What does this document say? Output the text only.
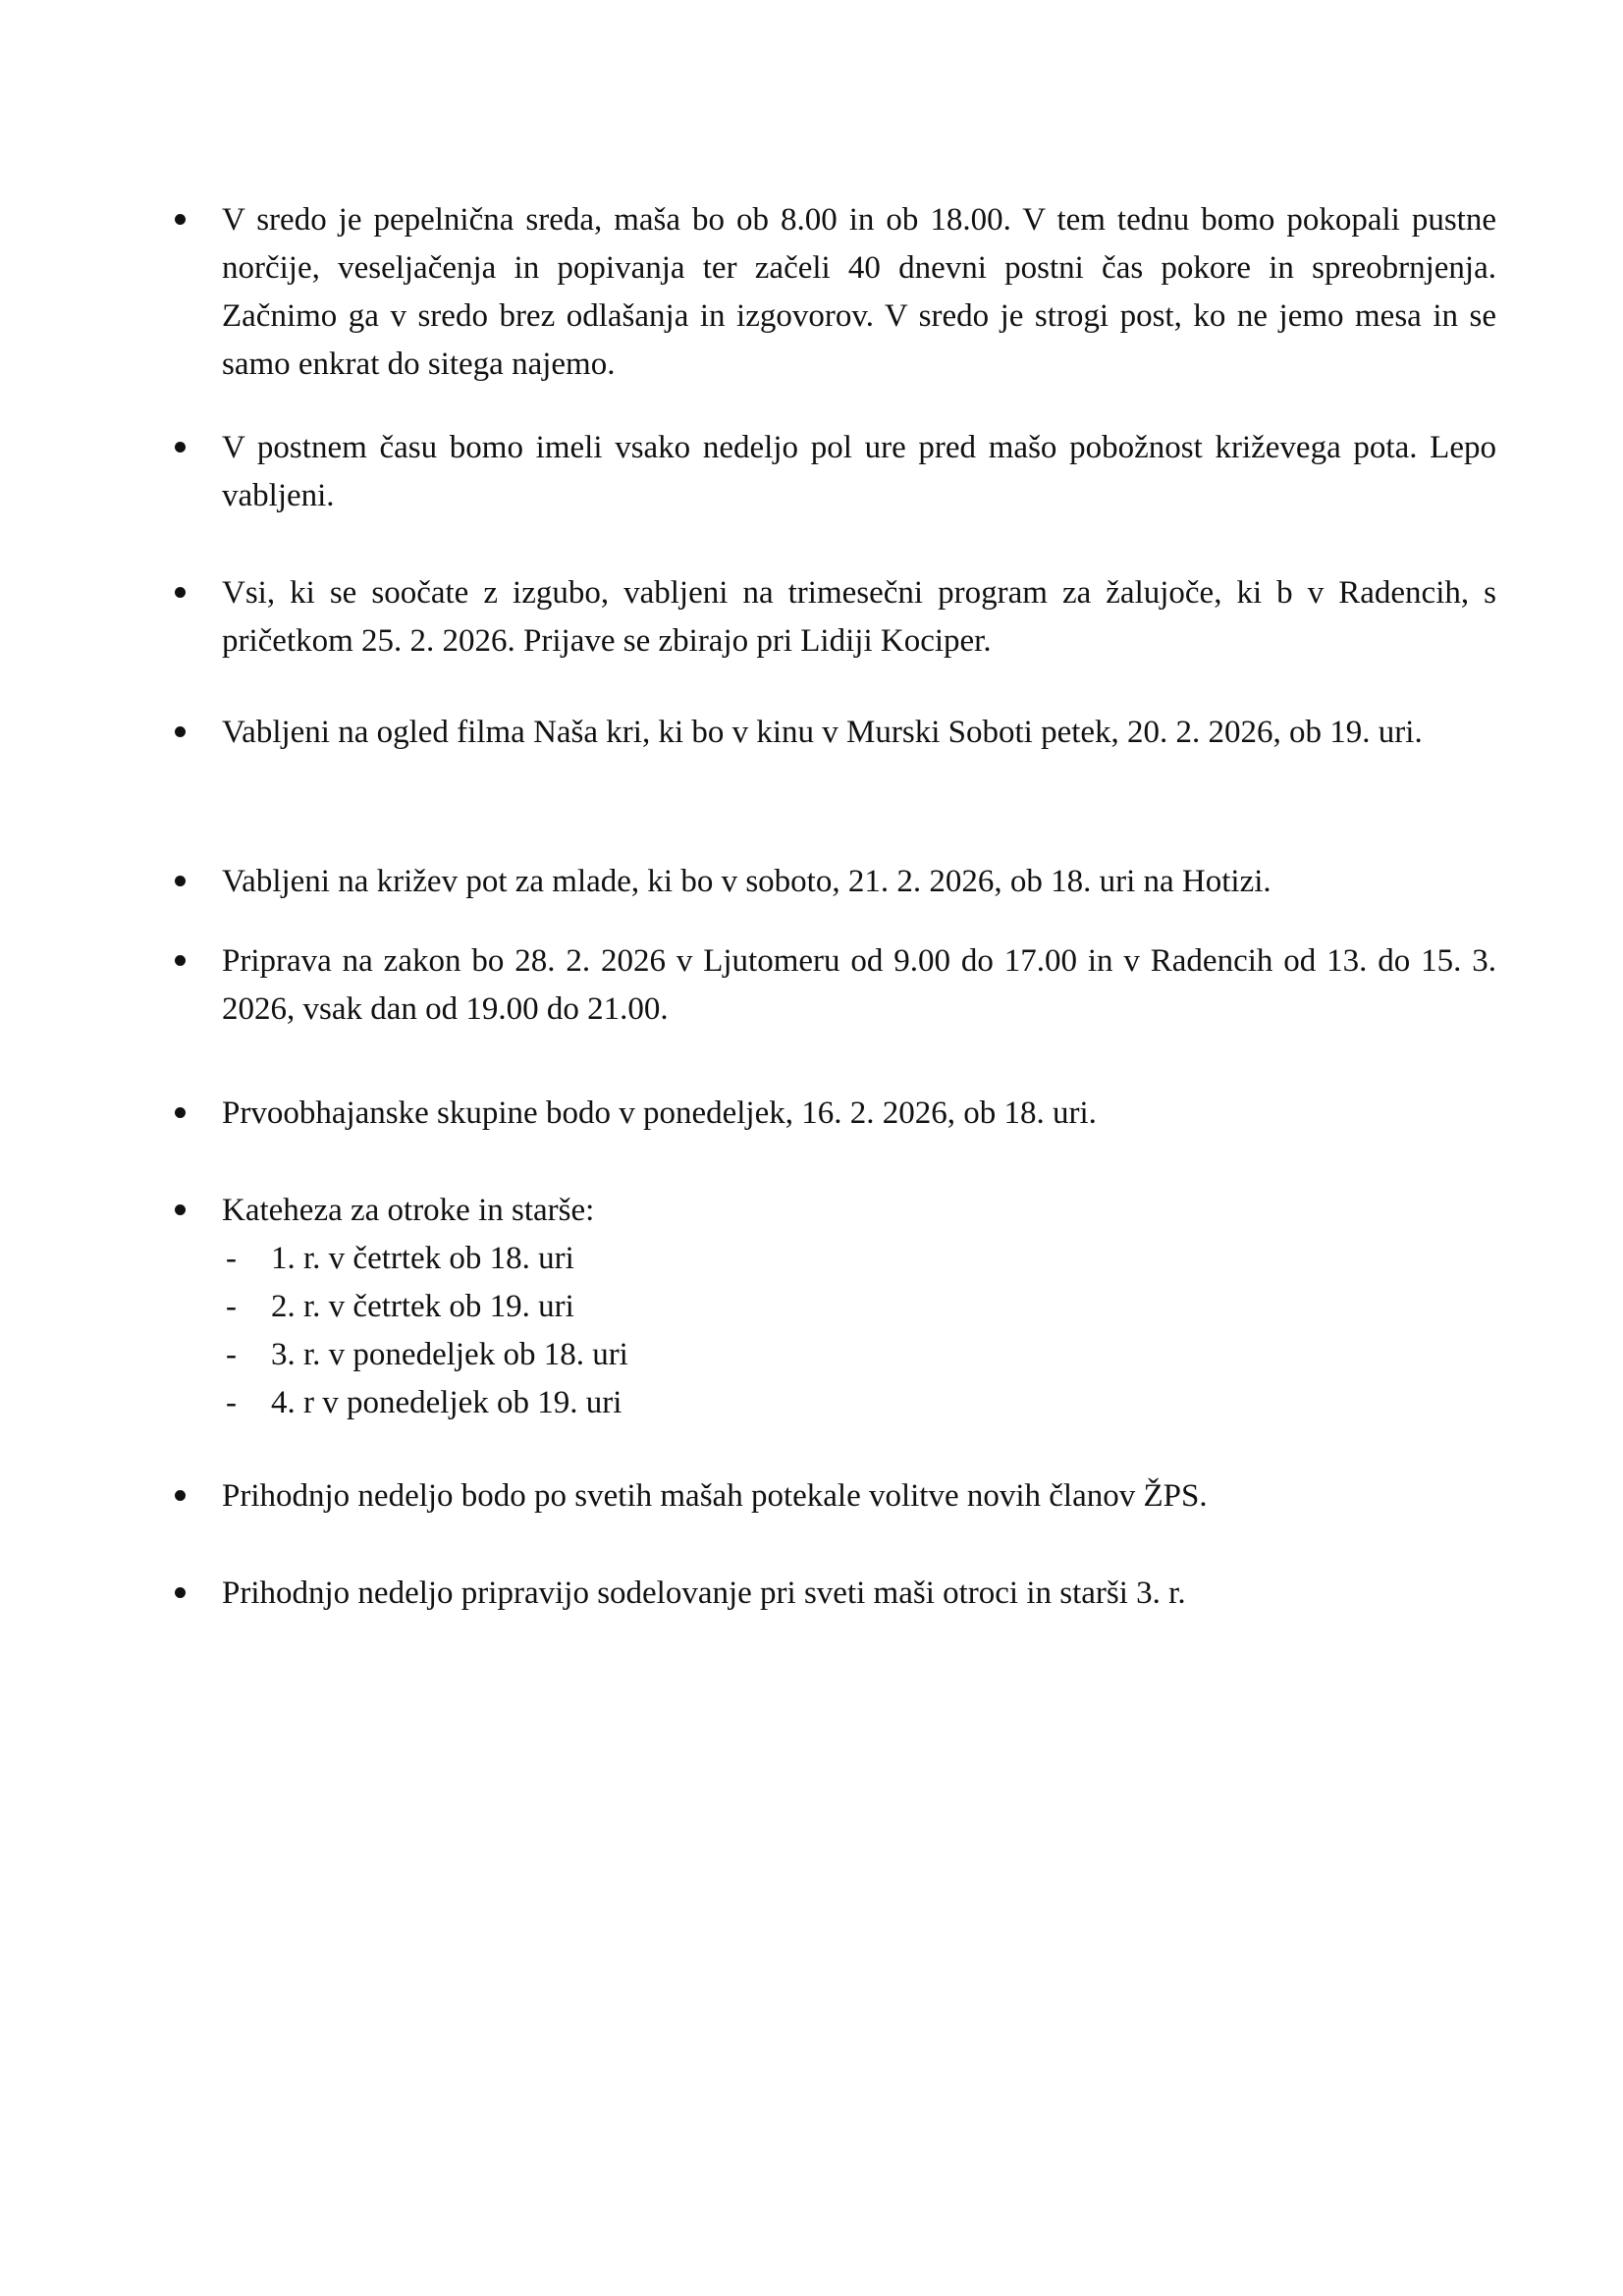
V sredo je pepelnična sreda, maša bo ob 8.00 in ob 18.00. V tem tednu bomo pokopali pustne norčije, veseljačenja in popivanja ter začeli 40 dnevni postni čas pokore in spreobrnjenja. Začnimo ga v sredo brez odlašanja in izgovorov. V sredo je strogi post, ko ne jemo mesa in se samo enkrat do sitega najemo.
V postnem času bomo imeli vsako nedeljo pol ure pred mašo pobožnost križevega pota. Lepo vabljeni.
Vsi, ki se soočate z izgubo, vabljeni na trimesečni program za žalujoče, ki b v Radencih, s pričetkom 25. 2. 2026. Prijave se zbirajo pri Lidiji Kociper.
Vabljeni na ogled filma Naša kri, ki bo v kinu v Murski Soboti petek, 20. 2. 2026, ob 19. uri.
Vabljeni na križev pot za mlade, ki bo v soboto, 21. 2. 2026, ob 18. uri na Hotizi.
Priprava na zakon bo 28. 2. 2026 v Ljutomeru od 9.00 do 17.00 in v Radencih od 13. do 15. 3. 2026, vsak dan od 19.00 do 21.00.
Prvoobhajanske skupine bodo v ponedeljek, 16. 2. 2026, ob 18. uri.
Kateheza za otroke in starše:
- 1. r. v četrtek ob 18. uri
- 2. r. v četrtek ob 19. uri
- 3. r. v ponedeljek ob 18. uri
- 4. r v ponedeljek ob 19. uri
Prihodnjo nedeljo bodo po svetih mašah potekale volitve novih članov ŽPS.
Prihodnjo nedeljo pripravijo sodelovanje pri sveti maši otroci in starši 3. r.
